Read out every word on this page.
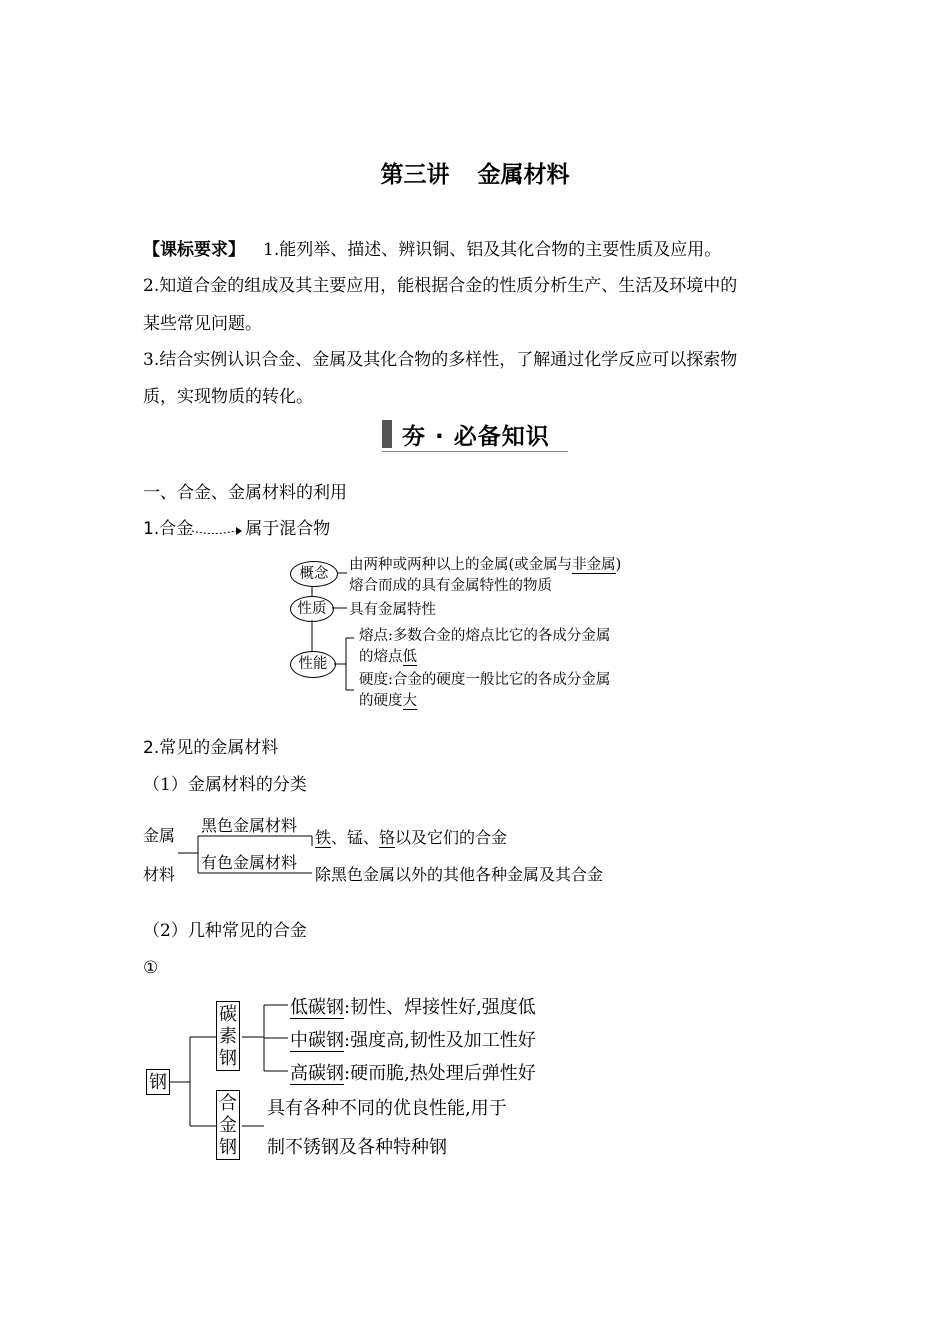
第三讲 金属材料
【课标要求】 1.能列举、描述、辨识铜、铝及其化合物的主要性质及应用。
2.知道合金的组成及其主要应用，能根据合金的性质分析生产、生活及环境中的
某些常见问题。
3.结合实例认识合金、金属及其化合物的多样性，了解通过化学反应可以探索物
质，实现物质的转化。
夯 · 必备知识
一、合金、金属材料的利用
1.合金	属于混合物
概念
由两种或两种以上的金属(或金属与非金属)
熔合而成的具有金属特性的物质
性质	具有金属特性
性能
熔点:多数合金的熔点比它的各成分金属
的熔点低
硬度:合金的硬度一般比它的各成分金属
的硬度大
2.常见的金属材料
（1）金属材料的分类
金属
材料
黑色金属材料
铁、锰、铬以及它们的合金
有色金属材料
除黑色金属以外的其他各种金属及其合金
（2）几种常见的合金
①
钢
碳
素
钢
低碳钢:韧性、焊接性好,强度低
中碳钢:强度高,韧性及加工性好
高碳钢:硬而脆,热处理后弹性好
合
金
钢
具有各种不同的优良性能,用于
制不锈钢及各种特种钢
